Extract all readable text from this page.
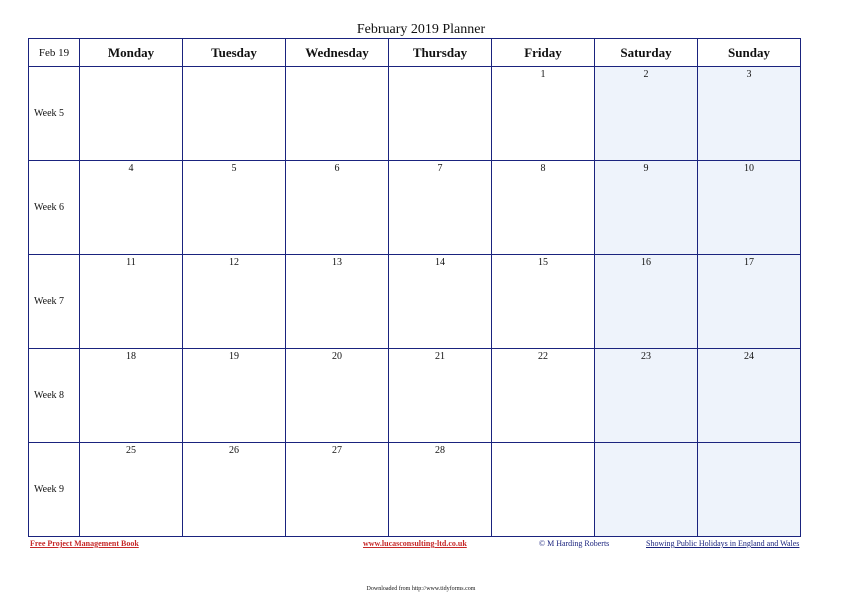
February 2019 Planner
Feb 19	Monday	Tuesday	Wednesday	Thursday	Friday	Saturday	Sunday
Week 5					1	2	3

Week 6	4	5	6	7	8	9	10

Week 7	11	12	13	14	15	16	17

Week 8	18	19	20	21	22	23	24

Week 9	25	26	27	28			

Free Project Management Book	www.lucasconsulting-ltd.co.uk	© M Harding Roberts	Showing Public Holidays in England and Wales
Downloaded from http://www.tidyforms.com
